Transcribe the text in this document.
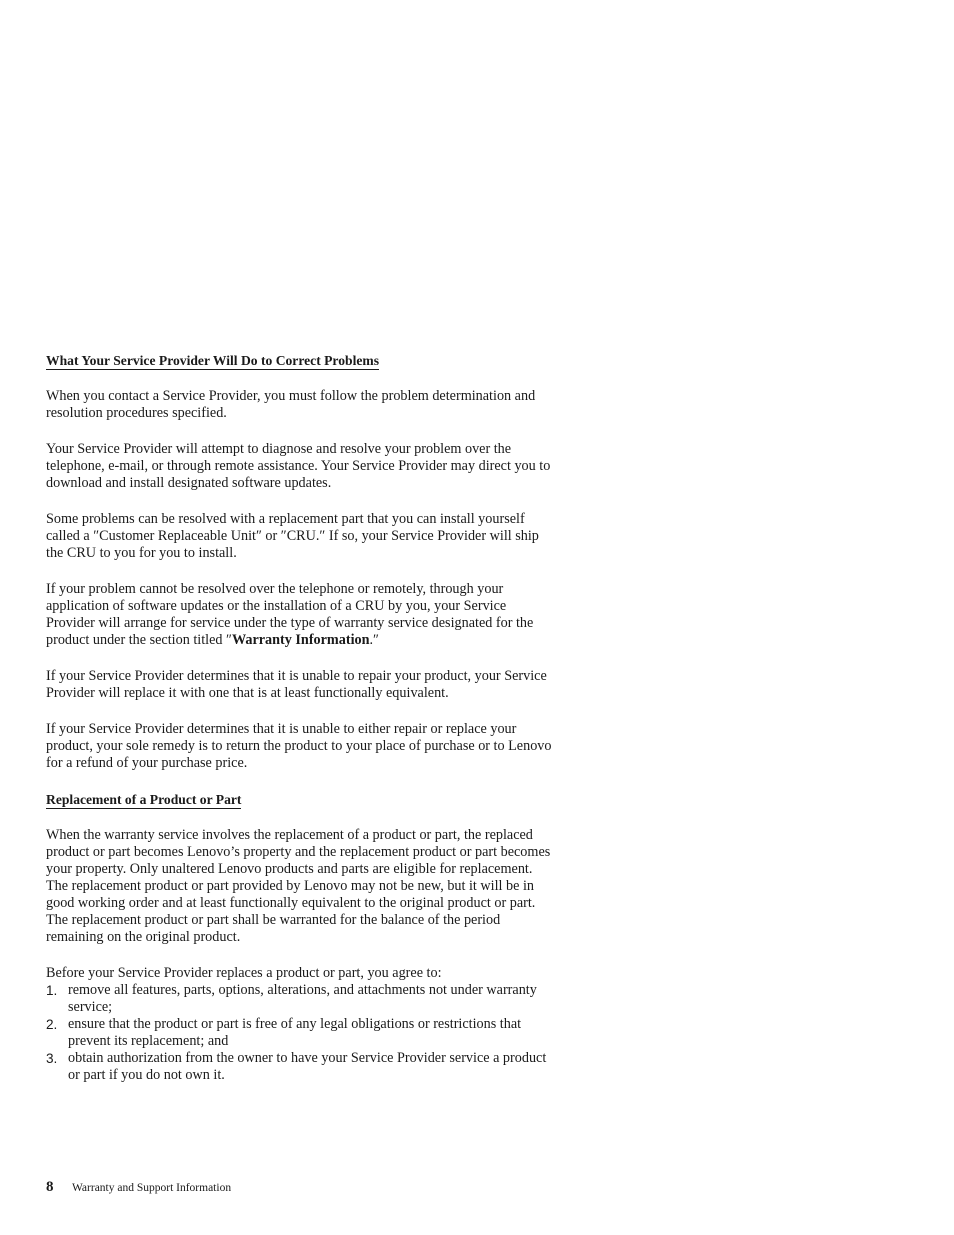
What Your Service Provider Will Do to Correct Problems

When you contact a Service Provider, you must follow the problem determination and resolution procedures specified.

Your Service Provider will attempt to diagnose and resolve your problem over the telephone, e-mail, or through remote assistance. Your Service Provider may direct you to download and install designated software updates.

Some problems can be resolved with a replacement part that you can install yourself called a ″Customer Replaceable Unit″ or ″CRU.″ If so, your Service Provider will ship the CRU to you for you to install.

If your problem cannot be resolved over the telephone or remotely, through your application of software updates or the installation of a CRU by you, your Service Provider will arrange for service under the type of warranty service designated for the product under the section titled ″Warranty Information.″

If your Service Provider determines that it is unable to repair your product, your Service Provider will replace it with one that is at least functionally equivalent.

If your Service Provider determines that it is unable to either repair or replace your product, your sole remedy is to return the product to your place of purchase or to Lenovo for a refund of your purchase price.

Replacement of a Product or Part

When the warranty service involves the replacement of a product or part, the replaced product or part becomes Lenovo’s property and the replacement product or part becomes your property. Only unaltered Lenovo products and parts are eligible for replacement. The replacement product or part provided by Lenovo may not be new, but it will be in good working order and at least functionally equivalent to the original product or part. The replacement product or part shall be warranted for the balance of the period remaining on the original product.

Before your Service Provider replaces a product or part, you agree to:

1. remove all features, parts, options, alterations, and attachments not under warranty service;
2. ensure that the product or part is free of any legal obligations or restrictions that prevent its replacement; and
3. obtain authorization from the owner to have your Service Provider service a product or part if you do not own it.
8 Warranty and Support Information
